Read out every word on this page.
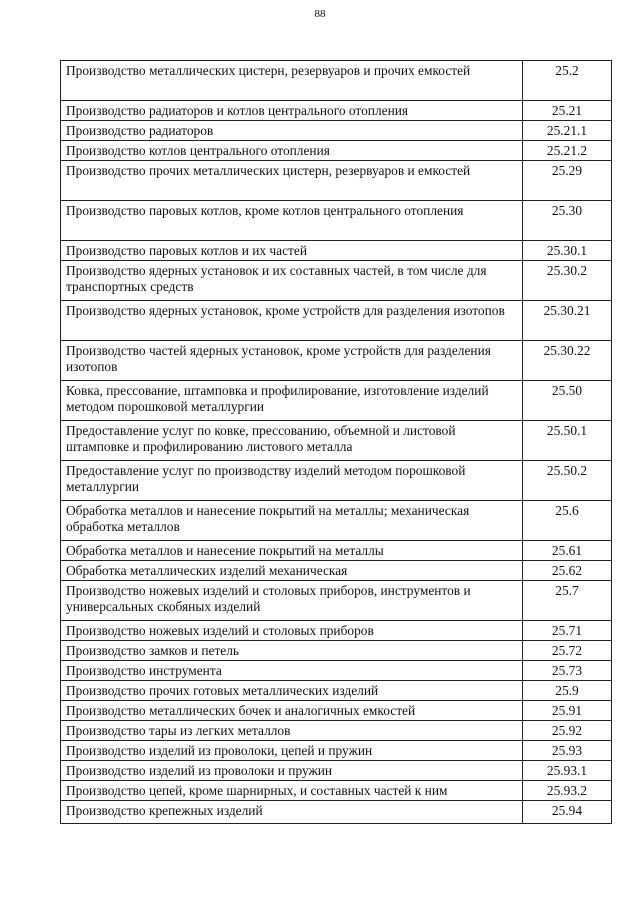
88
Производство металлических цистерн, резервуаров и прочих емкостей	25.2
Производство радиаторов и котлов центрального отопления	25.21
Производство радиаторов	25.21.1
Производство котлов центрального отопления	25.21.2
Производство прочих металлических цистерн, резервуаров и емкостей	25.29
Производство паровых котлов, кроме котлов центрального отопления	25.30
Производство паровых котлов и их частей	25.30.1
Производство ядерных установок и их составных частей, в том числе для транспортных средств	25.30.2
Производство ядерных установок, кроме устройств для разделения изотопов	25.30.21
Производство частей ядерных установок, кроме устройств для разделения изотопов	25.30.22
Ковка, прессование, штамповка и профилирование, изготовление изделий методом порошковой металлургии	25.50
Предоставление услуг по ковке, прессованию, объемной и листовой штамповке и профилированию листового металла	25.50.1
Предоставление услуг по производству изделий методом порошковой металлургии	25.50.2
Обработка металлов и нанесение покрытий на металлы; механическая обработка металлов	25.6
Обработка металлов и нанесение покрытий на металлы	25.61
Обработка металлических изделий механическая	25.62
Производство ножевых изделий и столовых приборов, инструментов и универсальных скобяных изделий	25.7
Производство ножевых изделий и столовых приборов	25.71
Производство замков и петель	25.72
Производство инструмента	25.73
Производство прочих готовых металлических изделий	25.9
Производство металлических бочек и аналогичных емкостей	25.91
Производство тары из легких металлов	25.92
Производство изделий из проволоки, цепей и пружин	25.93
Производство изделий из проволоки и пружин	25.93.1
Производство цепей, кроме шарнирных, и составных частей к ним	25.93.2
Производство крепежных изделий	25.94
